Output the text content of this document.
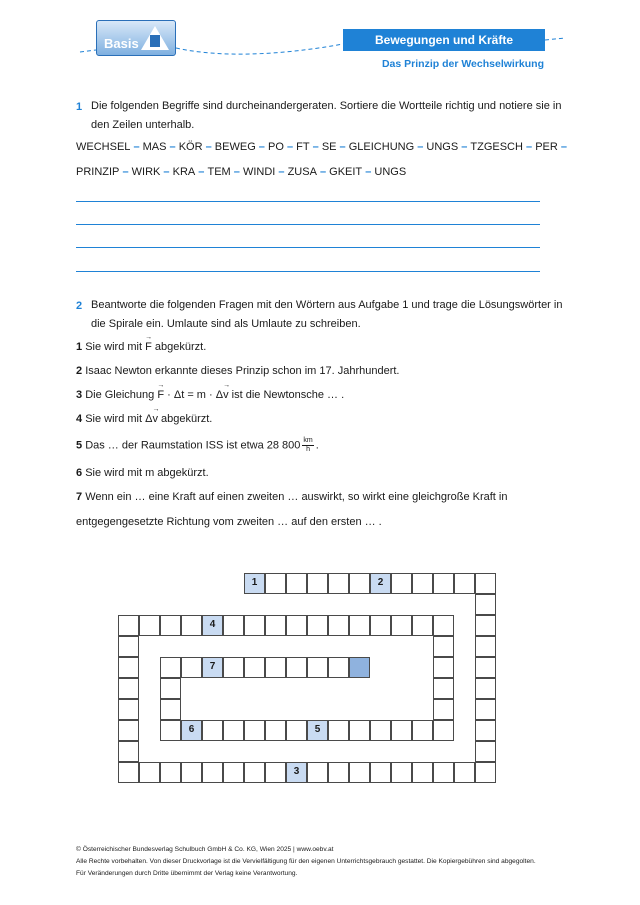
Basis	Bewegungen und Kräfte
Das Prinzip der Wechselwirkung
1 Die folgenden Begriffe sind durcheinandergeraten. Sortiere die Wortteile richtig und notiere sie in den Zeilen unterhalb.
WECHSEL – MAS – KÖR – BEWEG – PO – FT – SE – GLEICHUNG – UNGS – TZGESCH – PER –
PRINZIP – WIRK – KRA – TEM – WINDI – ZUSA – GKEIT – UNGS
2 Beantworte die folgenden Fragen mit den Wörtern aus Aufgabe 1 und trage die Lösungswörter in die Spirale ein. Umlaute sind als Umlaute zu schreiben.
1 Sie wird mit F → abgekürzt.
2 Isaac Newton erkannte dieses Prinzip schon im 17. Jahrhundert.
3 Die Gleichung F → · Δt = m · Δv → ist die Newtonsche … .
4 Sie wird mit Δv → abgekürzt.
5 Das … der Raumstation ISS ist etwa 28 $800 \frac{km}{h}$ .
6 Sie wird mit m abgekürzt.
7 Wenn ein … eine Kraft auf einen zweiten … auswirkt, so wirkt eine gleichgroße Kraft in
entgegengesetzte Richtung vom zweiten … auf den ersten … .
1	2
3
4
6	5
7
© Österreichischer Bundesverlag Schulbuch GmbH & Co. KG, Wien 2025 | www.oebv.at
Alle Rechte vorbehalten. Von dieser Druckvorlage ist die Vervielfältigung für den eigenen Unterrichtsgebrauch gestattet. Die Kopiergebühren sind abgegolten.
Für Veränderungen durch Dritte übernimmt der Verlag keine Verantwortung.
